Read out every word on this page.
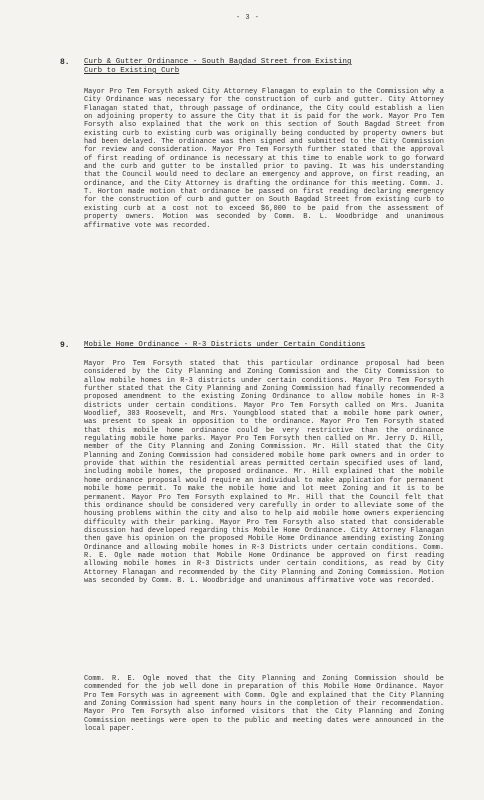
- 3 -
8. Curb & Gutter Ordinance - South Bagdad Street from Existing
Curb to Existing Curb
Mayor Pro Tem Forsyth asked City Attorney Flanagan to explain to the Commission why a City Ordinance was necessary for the construction of curb and gutter. City Attorney Flanagan stated that, through passage of ordinance, the City could establish a lien on adjoining property to assure the City that it is paid for the work. Mayor Pro Tem Forsyth also explained that the work on this section of South Bagdad Street from existing curb to existing curb was originally being conducted by property owners but had been delayed. The ordinance was then signed and submitted to the City Commission for review and consideration. Mayor Pro Tem Forsyth further stated that the approval of first reading of ordinance is necessary at this time to enable work to go forward and the curb and gutter to be installed prior to paving. It was his understanding that the Council would need to declare an emergency and approve, on first reading, an ordinance, and the City Attorney is drafting the ordinance for this meeting. Comm. J. T. Horton made motion that ordinance be passed on first reading declaring emergency for the construction of curb and gutter on South Bagdad Street from existing curb to existing curb at a cost not to exceed $6,000 to be paid from the assessment of property owners. Motion was seconded by Comm. B. L. Woodbridge and unanimous affirmative vote was recorded.
9. Mobile Home Ordinance - R-3 Districts under Certain Conditions
Mayor Pro Tem Forsyth stated that this particular ordinance proposal had been considered by the City Planning and Zoning Commission and the City Commission to allow mobile homes in R-3 districts under certain conditions. Mayor Pro Tem Forsyth further stated that the City Planning and Zoning Commission had finally recommended a proposed amendment to the existing Zoning Ordinance to allow mobile homes in R-3 districts under certain conditions. Mayor Pro Tem Forsyth called on Mrs. Juanita Woodlief, 303 Roosevelt, and Mrs. Youngblood stated that a mobile home park owner, was present to speak in opposition to the ordinance. Mayor Pro Tem Forsyth stated that this mobile home ordinance could be very restrictive than the ordinance regulating mobile home parks. Mayor Pro Tem Forsyth then called on Mr. Jerry D. Hill, member of the City Planning and Zoning Commission. Mr. Hill stated that the City Planning and Zoning Commission had considered mobile home park owners and in order to provide that within the residential areas permitted certain specified uses of land, including mobile homes, the proposed ordinance. Mr. Hill explained that the mobile home ordinance proposal would require an individual to make application for permanent mobile home permit. To make the mobile home and lot meet Zoning and it is to be permanent. Mayor Pro Tem Forsyth explained to Mr. Hill that the Council felt that this ordinance should be considered very carefully in order to alleviate some of the housing problems within the city and also to help aid mobile home owners experiencing difficulty with their parking. Mayor Pro Tem Forsyth also stated that considerable discussion had developed regarding this Mobile Home Ordinance. City Attorney Flanagan then gave his opinion on the proposed Mobile Home Ordinance amending existing Zoning Ordinance and allowing mobile homes in R-3 Districts under certain conditions. Comm. R. E. Ogle made motion that Mobile Home Ordinance be approved on first reading allowing mobile homes in R-3 Districts under certain conditions, as read by City Attorney Flanagan and recommended by the City Planning and Zoning Commission. Motion was seconded by Comm. B. L. Woodbridge and unanimous affirmative vote was recorded.
Comm. R. E. Ogle moved that the City Planning and Zoning Commission should be commended for the job well done in preparation of this Mobile Home Ordinance. Mayor Pro Tem Forsyth was in agreement with Comm. Ogle and explained that the City Planning and Zoning Commission had spent many hours in the completion of their recommendation. Mayor Pro Tem Forsyth also informed visitors that the City Planning and Zoning Commission meetings were open to the public and meeting dates were announced in the local paper.
